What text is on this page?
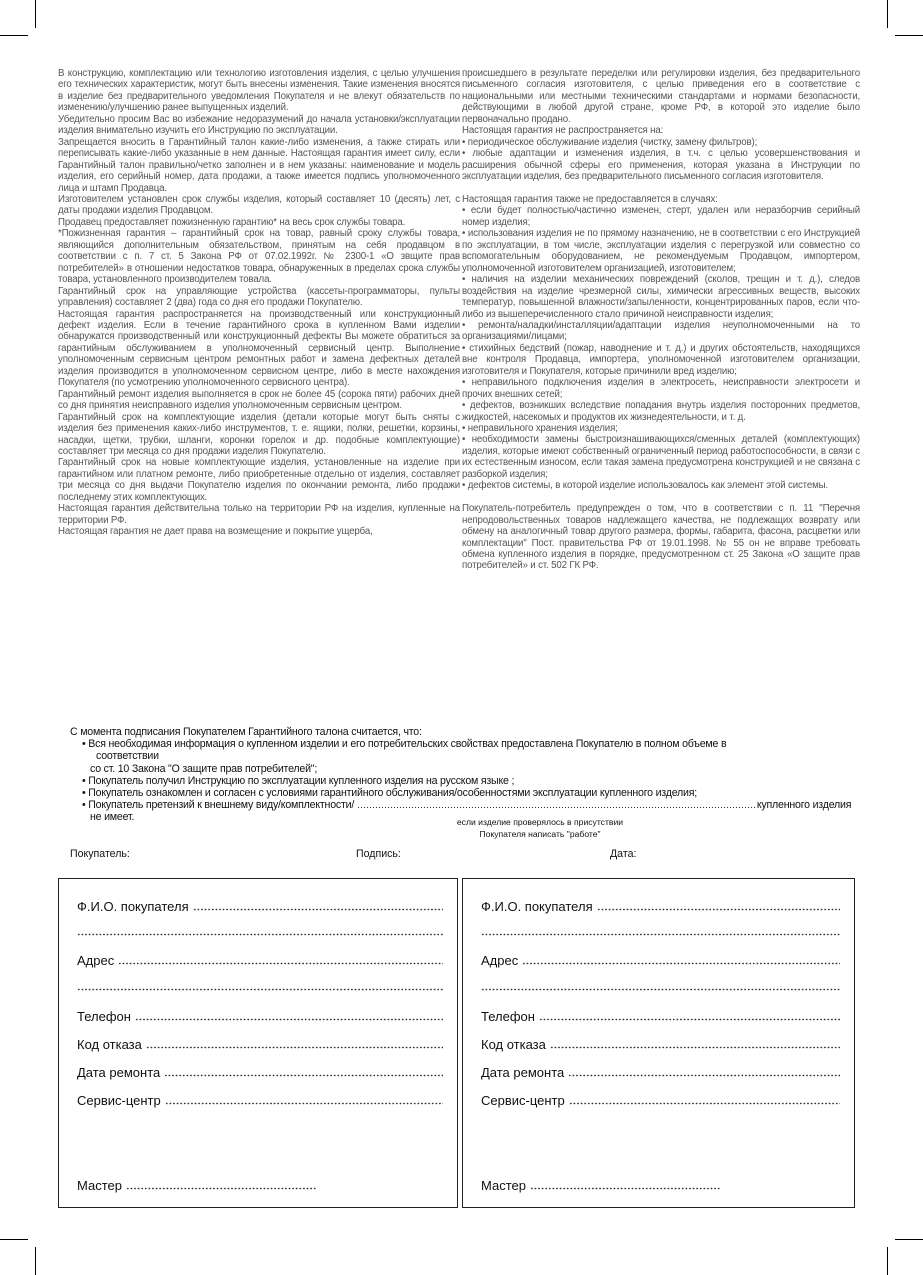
В конструкцию, комплектацию или технологию изготовления изделия, с целью улучшения его технических характеристик, могут быть внесены изменения. Такие изменения вносятся в изделие без предварительного уведомления Покупателя и не влекут обязательств по изменению/улучшению ранее выпущенных изделий.

Убедительно просим Вас во избежание недоразумений до начала установки/эксплуатации изделия внимательно изучить его Инструкцию по эксплуатации.

Запрещается вносить в Гарантийный талон какие-либо изменения, а также стирать или переписывать какие-либо указанные в нем данные. Настоящая гарантия имеет силу, если Гарантийный талон правильно/четко заполнен и в нем указаны: наименование и модель изделия, его серийный номер, дата продажи, а также имеется подпись уполномоченного лица и штамп Продавца.

Изготовителем установлен срок службы изделия, который составляет 10 (десять) лет, с даты продажи изделия Продавцом.

Продавец предоставляет пожизненную гарантию* на весь срок службы товара.

*Пожизненная гарантия – гарантийный срок на товар, равный сроку службы товара, являющийся дополнительным обязательством, принятым на себя продавцом в соответствии с п. 7 ст. 5 Закона РФ от 07.02.1992г. № 2300-1 «О звщите прав потребителей» в отношении недостатков товара, обнаруженных в пределах срока службы товара, установленного производителем товала.

Гарантийный срок на управляющие устройства (кассеты-программаторы, пульты управления) составляет 2 (два) года со дня его продажи Покупателю.

Настоящая гарантия распространяется на производственный или конструкционный дефект изделия. Если в течение гарантийного срока в купленном Вами изделии обнаружатся производственный или конструкционный дефекты Вы можете обратиться за гарантийным обслуживанием в уполномоченный сервисный центр. Выполнение уполномоченным сервисным центром ремонтных работ и замена дефектных деталей изделия производится в уполномоченном сервисном центре, либо в месте нахождения Покупателя (по усмотрению уполномоченного сервисного центра).

Гарантийный ремонт изделия выполняется в срок не более 45 (сорока пяти) рабочих дней со дня принятия неисправного изделия уполномоченным сервисным центром.

Гарантийный срок на комплектующие изделия (детали которые могут быть сняты с изделия без применения каких-либо инструментов, т. е. ящики, полки, решетки, корзины, насадки, щетки, трубки, шланги, коронки горелок и др. подобные комплектующие) составляет три месяца со дня продажи изделия Покупателю.

Гарантийный срок на новые комплектующие изделия, установленные на изделие при гарантийном или платном ремонте, либо приобретенные отдельно от изделия, составляет три месяца со дня выдачи Покупателю изделия по окончании ремонта, либо продажи последнему этих комплектующих.

Настоящая гарантия действительна только на территории РФ на изделия, купленные на территории РФ.

Настоящая гарантия не дает права на возмещение и покрытие ущерба,

происшедшего в результате переделки или регулировки изделия, без предварительного письменного согласия изготовителя, с целью приведения его в соответствие с национальными или местными техническими стандартами и нормами безопасности, действующими в любой другой стране, кроме РФ, в которой это изделие было первоначально продано.

Настоящая гарантия не распространяется на:

• периодическое обслуживание изделия (чистку, замену фильтров);

• любые адаптации и изменения изделия, в т.ч. с целью усовершенствования и расширения обычной сферы его применения, которая указана в Инструкции по эксплуатации изделия, без предварительного письменного согласия изготовителя.

Настоящая гарантия также не предоставляется в случаях:

• если будет полностью/частично изменен, стерт, удален или неразборчив серийный номер изделия;

• использования изделия не по прямому назначению, не в соответствии с его Инструкцией по эксплуатации, в том числе, эксплуатации изделия с перегрузкой или совместно со вспомогательным оборудованием, не рекомендуемым Продавцом, импортером, уполномоченной изготовителем организацией, изготовителем;

• наличия на изделии механических повреждений (сколов, трещин и т. д.), следов воздействия на изделие чрезмерной силы, химически агрессивных веществ, высоких температур, повышенной влажности/запыленности, концентрированных паров, если что-либо из вышеперечисленного стало причиной неисправности изделия;

• ремонта/наладки/инсталляции/адаптации изделия неуполномоченными на то организациями/лицами;

• стихийных бедствий (пожар, наводнение и т. д.) и других обстоятельств, находящихся вне контроля Продавца, импортера, уполномоченной изготовителем организации, изготовителя и Покупателя, которые причинили вред изделию;

• неправильного подключения изделия в электросеть, неисправности электросети и прочих внешних сетей;

• дефектов, возникших вследствие попадания внутрь изделия посторонних предметов, жидкостей, насекомых и продуктов их жизнедеятельности, и т. д.

• неправильного хранения изделия;

• необходимости замены быстроизнашивающихся/сменных деталей (комплектующих) изделия, которые имеют собственный ограниченный период работоспособности, в связи с их естественным износом, если такая замена предусмотрена конструкцией и не связана с разборкой изделия;

• дефектов системы, в которой изделие использовалось как элемент этой системы.

Покупатель-потребитель предупрежден о том, что в соответствии с п. 11 "Перечня непродовольственных товаров надлежащего качества, не подлежащих возврату или обмену на аналогичный товар другого размера, формы, габарита, фасона, расцветки или комплектации" Пост. правительства РФ от 19.01.1998. № 55 он не вправе требовать обмена купленного изделия в порядке, предусмотренном ст. 25 Закона «О защите прав потребителей» и ст. 502 ГК РФ.

С момента подписания Покупателем Гарантийного талона считается, что:

• Вся необходимая информация о купленном изделии и его потребительских свойствах предоставлена Покупателю в полном объеме в

соответствии

со ст. 10 Закона "О защите прав потребителей";

• Покупатель получил Инструкцию по эксплуатации купленного изделия на русском языке ;

• Покупатель ознакомлен и согласен с условиями гарантийного обслуживания/особенностями эксплуатации купленного изделия;

• Покупатель претензий к внешнему виду/комплектности/	купленного изделия

не имеет.	если изделие проверялось в присутствии
Покупателя написать "работе"
Покупатель:	Подпись:	Дата:
Ф.И.О. покупателя
Адрес
Телефон
Код отказа
Дата ремонта
Сервис-центр
Мастер
Ф.И.О. покупателя
Адрес
Телефон
Код отказа
Дата ремонта
Сервис-центр
Мастер
